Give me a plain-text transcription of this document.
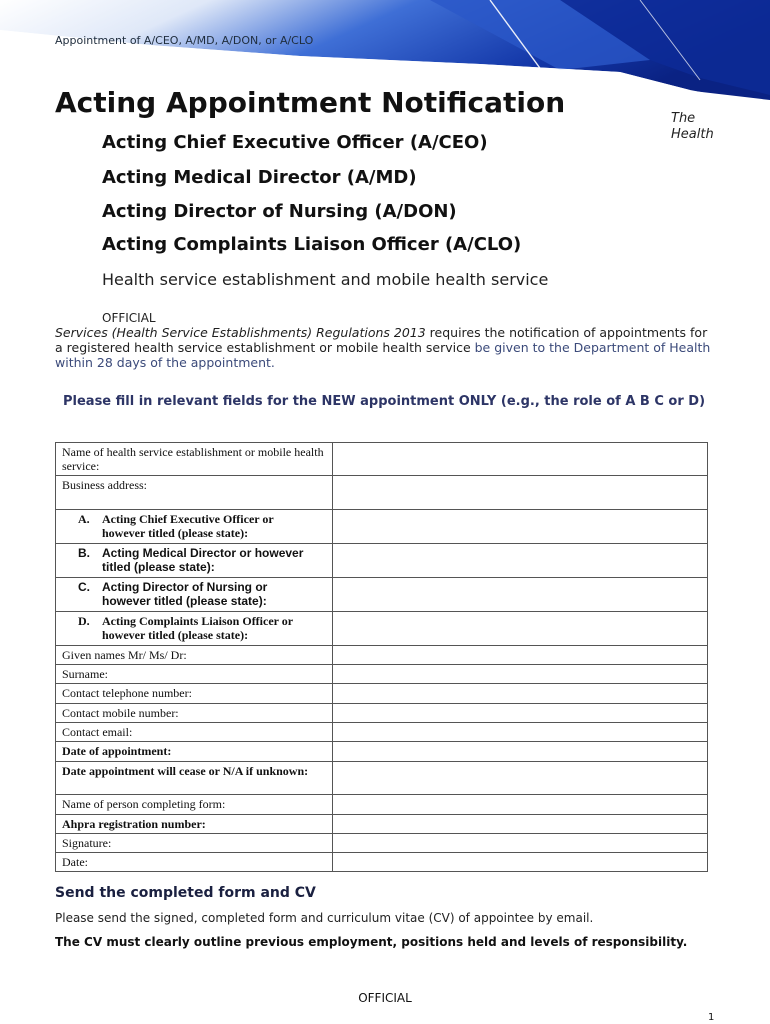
Appointment of A/CEO, A/MD, A/DON, or A/CLO
Acting Appointment Notification	The
Health
Acting Chief Executive Officer (A/CEO)
Acting Medical Director (A/MD)
Acting Director of Nursing (A/DON)
Acting Complaints Liaison Officer (A/CLO)
Health service establishment and mobile health service
OFFICIAL
Services (Health Service Establishments) Regulations 2013 requires the notification of appointments for a registered health service establishment or mobile health service be given to the Department of Health within 28 days of the appointment.
Please fill in relevant fields for the NEW appointment ONLY (e.g., the role of A B C or D)
Name of health service establishment or mobile health service:	
Business address:	
A. Acting Chief Executive Officer or however titled (please state):	
B. Acting Medical Director or however titled (please state):	
C. Acting Director of Nursing or however titled (please state):	
D. Acting Complaints Liaison Officer or however titled (please state):	
Given names Mr/ Ms/ Dr:	
Surname:	
Contact telephone number:	
Contact mobile number:	
Contact email:	
Date of appointment:	
Date appointment will cease or N/A if unknown:	
Name of person completing form:	
Ahpra registration number:	
Signature:	
Date:	
Send the completed form and CV
Please send the signed, completed form and curriculum vitae (CV) of appointee by email.
The CV must clearly outline previous employment, positions held and levels of responsibility.
OFFICIAL
1
